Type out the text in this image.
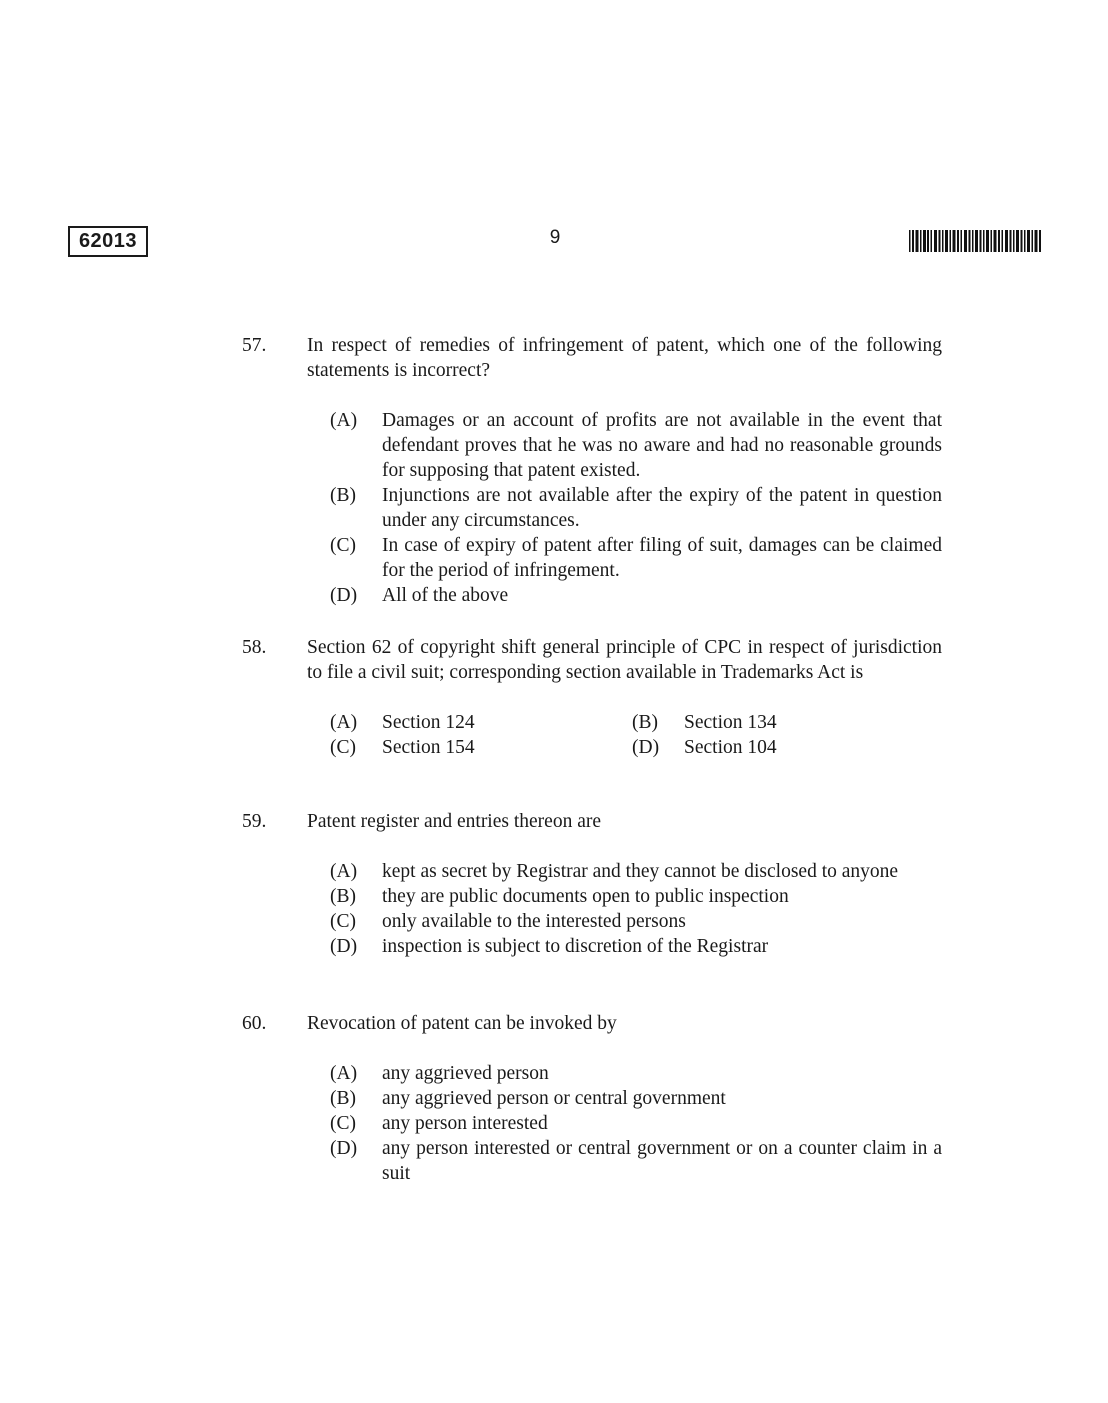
62013	9
57. In respect of remedies of infringement of patent, which one of the following statements is incorrect?
(A)	Damages or an account of profits are not available in the event that defendant proves that he was no aware and had no reasonable grounds for supposing that patent existed.
(B)	Injunctions are not available after the expiry of the patent in question under any circumstances.
(C)	In case of expiry of patent after filing of suit, damages can be claimed for the period of infringement.
(D)	All of the above
58. Section 62 of copyright shift general principle of CPC in respect of jurisdiction to file a civil suit; corresponding section available in Trademarks Act is
(A)	Section 124	(B)	Section 134
(C)	Section 154	(D)	Section 104
59. Patent register and entries thereon are
(A)	kept as secret by Registrar and they cannot be disclosed to anyone
(B)	they are public documents open to public inspection
(C)	only available to the interested persons
(D)	inspection is subject to discretion of the Registrar
60. Revocation of patent can be invoked by
(A)	any aggrieved person
(B)	any aggrieved person or central government
(C)	any person interested
(D)	any person interested or central government or on a counter claim in a suit
